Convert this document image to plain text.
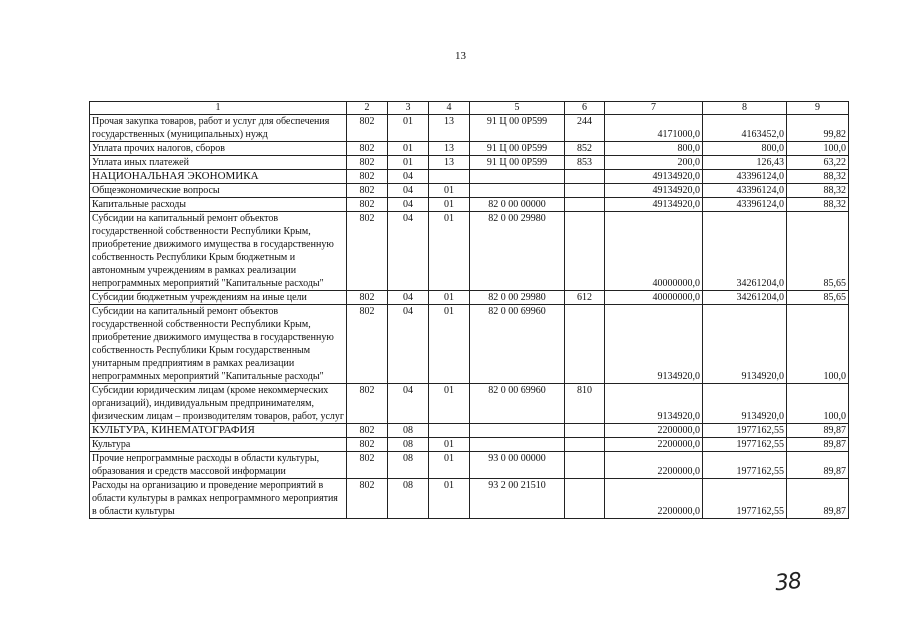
13
1	2	3	4	5	6	7	8	9
Прочая закупка товаров, работ и услуг для обеспечения государственных (муниципальных) нужд	802	01	13	91 Ц 00 0Р599	244	4171000,0	4163452,0	99,82
Уплата прочих налогов, сборов	802	01	13	91 Ц 00 0Р599	852	800,0	800,0	100,0
Уплата иных платежей	802	01	13	91 Ц 00 0Р599	853	200,0	126,43	63,22
НАЦИОНАЛЬНАЯ ЭКОНОМИКА	802	04				49134920,0	43396124,0	88,32
Общеэкономические вопросы	802	04	01			49134920,0	43396124,0	88,32
Капитальные расходы	802	04	01	82 0 00 00000		49134920,0	43396124,0	88,32
Субсидии на капитальный ремонт объектов государственной собственности Республики Крым, приобретение движимого имущества в государственную собственность Республики Крым бюджетным и автономным учреждениям в рамках реализации непрограммных мероприятий "Капитальные расходы"	802	04	01	82 0 00 29980		40000000,0	34261204,0	85,65
Субсидии бюджетным учреждениям на иные цели	802	04	01	82 0 00 29980	612	40000000,0	34261204,0	85,65
Субсидии на капитальный ремонт объектов государственной собственности Республики Крым, приобретение движимого имущества в государственную собственность Республики Крым государственным унитарным предприятиям в рамках реализации непрограммных мероприятий "Капитальные расходы"	802	04	01	82 0 00 69960		9134920,0	9134920,0	100,0
Субсидии юридическим лицам (кроме некоммерческих организаций), индивидуальным предпринимателям, физическим лицам – производителям товаров, работ, услуг	802	04	01	82 0 00 69960	810	9134920,0	9134920,0	100,0
КУЛЬТУРА, КИНЕМАТОГРАФИЯ	802	08				2200000,0	1977162,55	89,87
Культура	802	08	01			2200000,0	1977162,55	89,87
Прочие непрограммные расходы в области культуры, образования и средств массовой информации	802	08	01	93 0 00 00000		2200000,0	1977162,55	89,87
Расходы на организацию и проведение мероприятий в области культуры в рамках непрограммного мероприятия в области культуры	802	08	01	93 2 00 21510		2200000,0	1977162,55	89,87
38
